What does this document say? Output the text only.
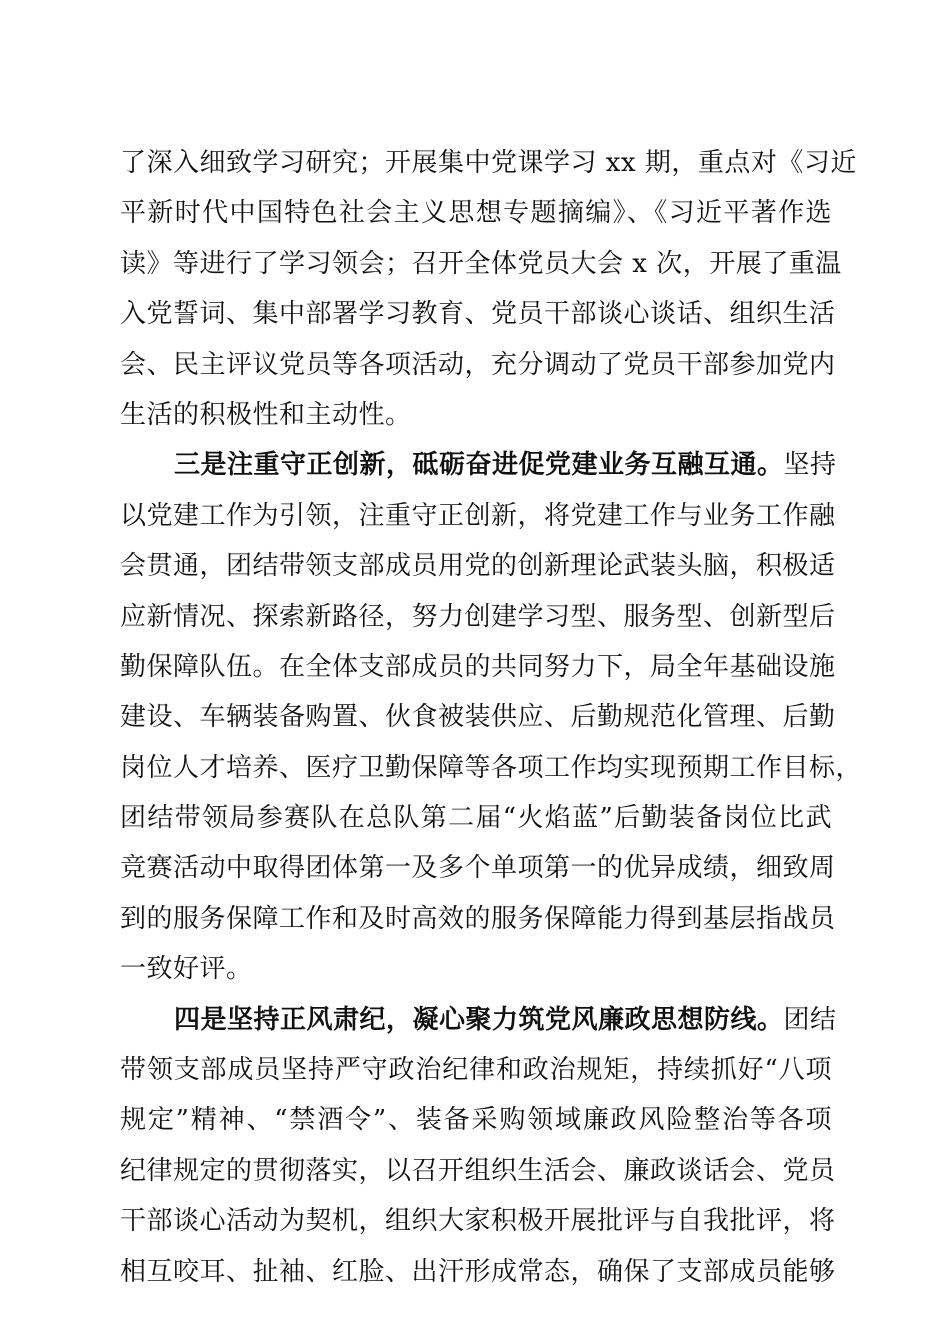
了深入细致学习研究；开展集中党课学习 xx 期，重点对《习近
平新时代中国特色社会主义思想专题摘编》、《习近平著作选
读》等进行了学习领会；召开全体党员大会 x 次，开展了重温
入党誓词、集中部署学习教育、党员干部谈心谈话、组织生活
会、民主评议党员等各项活动，充分调动了党员干部参加党内
生活的积极性和主动性。
三是注重守正创新，砥砺奋进促党建业务互融互通。坚持
以党建工作为引领，注重守正创新，将党建工作与业务工作融
会贯通，团结带领支部成员用党的创新理论武装头脑，积极适
应新情况、探索新路径，努力创建学习型、服务型、创新型后
勤保障队伍。在全体支部成员的共同努力下，局全年基础设施
建设、车辆装备购置、伙食被装供应、后勤规范化管理、后勤
岗位人才培养、医疗卫勤保障等各项工作均实现预期工作目标，
团结带领局参赛队在总队第二届“火焰蓝”后勤装备岗位比武
竞赛活动中取得团体第一及多个单项第一的优异成绩，细致周
到的服务保障工作和及时高效的服务保障能力得到基层指战员
一致好评。
四是坚持正风肃纪，凝心聚力筑党风廉政思想防线。团结
带领支部成员坚持严守政治纪律和政治规矩，持续抓好“八项
规定”精神、“禁酒令”、装备采购领域廉政风险整治等各项
纪律规定的贯彻落实，以召开组织生活会、廉政谈话会、党员
干部谈心活动为契机，组织大家积极开展批评与自我批评，将
相互咬耳、扯袖、红脸、出汗形成常态，确保了支部成员能够
